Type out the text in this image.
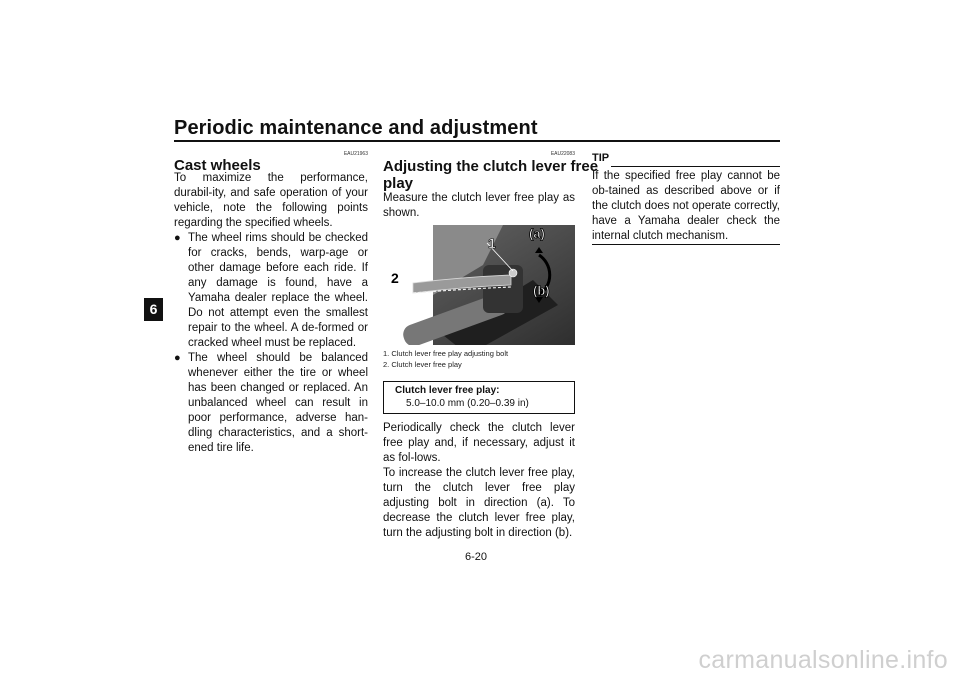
Periodic maintenance and adjustment
6
EAU21963
Cast wheels
To maximize the performance, durabil-ity, and safe operation of your vehicle, note the following points regarding the specified wheels.
● The wheel rims should be checked for cracks, bends, warp-age or other damage before each ride. If any damage is found, have a Yamaha dealer replace the wheel. Do not attempt even the smallest repair to the wheel. A de-formed or cracked wheel must be replaced.
● The wheel should be balanced whenever either the tire or wheel has been changed or replaced. An unbalanced wheel can result in poor performance, adverse han-dling characteristics, and a short-ened tire life.
EAU22083
Adjusting the clutch lever free
play
Measure the clutch lever free play as shown.
1
2
(a)
(b)
1. Clutch lever free play adjusting bolt
2. Clutch lever free play
Clutch lever free play:
5.0–10.0 mm (0.20–0.39 in)
Periodically check the clutch lever free play and, if necessary, adjust it as fol-lows.
To increase the clutch lever free play, turn the clutch lever free play adjusting bolt in direction (a). To decrease the clutch lever free play, turn the adjusting bolt in direction (b).
TIP
If the specified free play cannot be ob-tained as described above or if the clutch does not operate correctly, have a Yamaha dealer check the internal clutch mechanism.
6-20
carmanualsonline.info
